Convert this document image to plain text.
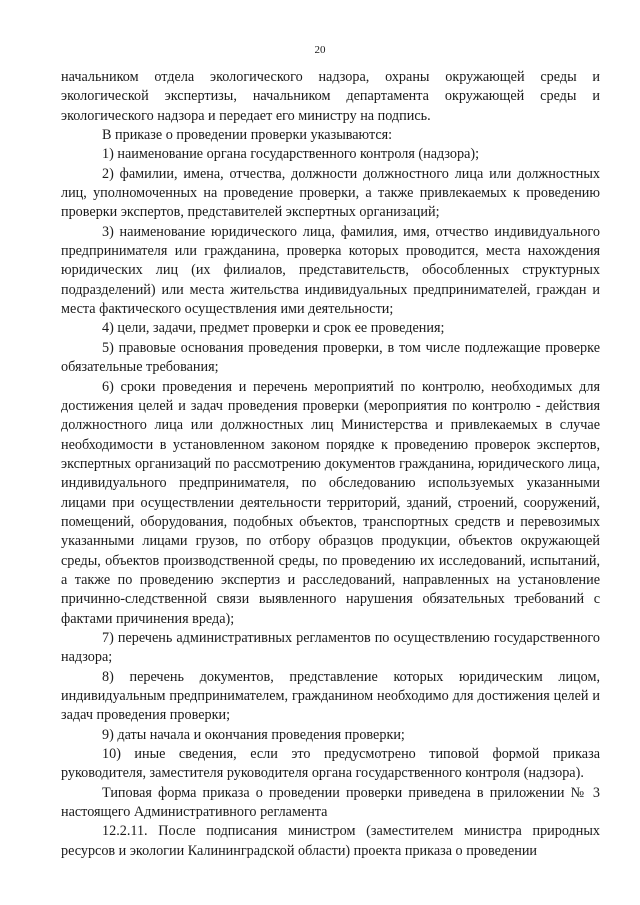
20

начальником отдела экологического надзора, охраны окружающей среды и экологической экспертизы, начальником департамента окружающей среды и экологического надзора и передает его министру на подпись.

В приказе о проведении проверки указываются:

1) наименование органа государственного контроля (надзора);

2) фамилии, имена, отчества, должности должностного лица или должностных лиц, уполномоченных на проведение проверки, а также привлекаемых к проведению проверки экспертов, представителей экспертных организаций;

3) наименование юридического лица, фамилия, имя, отчество индивидуального предпринимателя или гражданина, проверка которых проводится, места нахождения юридических лиц (их филиалов, представительств, обособленных структурных подразделений) или места жительства индивидуальных предпринимателей, граждан и места фактического осуществления ими деятельности;

4) цели, задачи, предмет проверки и срок ее проведения;

5) правовые основания проведения проверки, в том числе подлежащие проверке обязательные требования;

6) сроки проведения и перечень мероприятий по контролю, необходимых для достижения целей и задач проведения проверки (мероприятия по контролю - действия должностного лица или должностных лиц Министерства и привлекаемых в случае необходимости в установленном законом порядке к проведению проверок экспертов, экспертных организаций по рассмотрению документов гражданина, юридического лица, индивидуального предпринимателя, по обследованию используемых указанными лицами при осуществлении деятельности территорий, зданий, строений, сооружений, помещений, оборудования, подобных объектов, транспортных средств и перевозимых указанными лицами грузов, по отбору образцов продукции, объектов окружающей среды, объектов производственной среды, по проведению их исследований, испытаний, а также по проведению экспертиз и расследований, направленных на установление причинно-следственной связи выявленного нарушения обязательных требований с фактами причинения вреда);

7) перечень административных регламентов по осуществлению государственного надзора;

8) перечень документов, представление которых юридическим лицом, индивидуальным предпринимателем, гражданином необходимо для достижения целей и задач проведения проверки;

9) даты начала и окончания проведения проверки;

10) иные сведения, если это предусмотрено типовой формой приказа руководителя, заместителя руководителя органа государственного контроля (надзора).

Типовая форма приказа о проведении проверки приведена в приложении № 3 настоящего Административного регламента

12.2.11. После подписания министром (заместителем министра природных ресурсов и экологии Калининградской области) проекта приказа о проведении
